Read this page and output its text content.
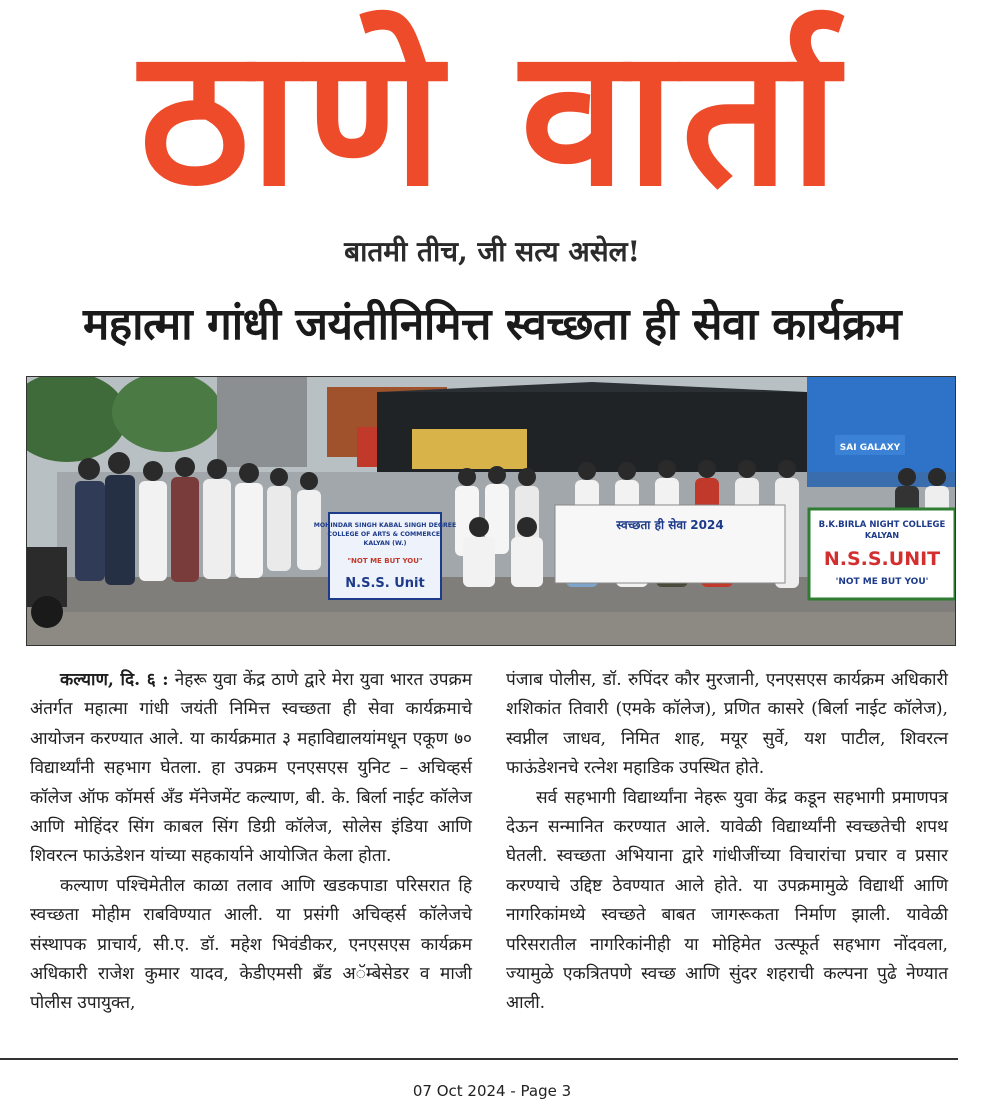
ठाणे वार्ता
बातमी तीच, जी सत्य असेल!
महात्मा गांधी जयंतीनिमित्त स्वच्छता ही सेवा कार्यक्रम
SAI GALAXY
MOHINDAR SINGH KABAL SINGH DEGREE
COLLEGE OF ARTS & COMMERCE,
KALYAN (W.)
"NOT ME BUT YOU"
N.S.S. Unit
स्वच्छता ही सेवा 2024	B.K.BIRLA NIGHT COLLEGE
KALYAN
N.S.S.UNIT
'NOT ME BUT YOU'

कल्याण, दि. ६ : नेहरू युवा केंद्र ठाणे द्वारे मेरा युवा भारत उपक्रम अंतर्गत महात्मा गांधी जयंती निमित्त स्वच्छता ही सेवा कार्यक्रमाचे आयोजन करण्यात आले. या कार्यक्रमात ३ महाविद्यालयांमधून एकूण ७० विद्यार्थ्यांनी सहभाग घेतला. हा उपक्रम एनएसएस युनिट – अचिव्हर्स कॉलेज ऑफ कॉमर्स अँड मॅनेजमेंट कल्याण, बी. के. बिर्ला नाईट कॉलेज आणि मोहिंदर सिंग काबल सिंग डिग्री कॉलेज, सोलेस इंडिया आणि शिवरत्न फाऊंडेशन यांच्या सहकार्याने आयोजित केला होता.

कल्याण पश्चिमेतील काळा तलाव आणि खडकपाडा परिसरात हि स्वच्छता मोहीम राबविण्यात आली. या प्रसंगी अचिव्हर्स कॉलेजचे संस्थापक प्राचार्य, सी.ए. डॉ. महेश भिवंडीकर, एनएसएस कार्यक्रम अधिकारी राजेश कुमार यादव, केडीएमसी ब्रँड अॅम्बेसेडर व माजी पोलीस उपायुक्त,

पंजाब पोलीस, डॉ. रुपिंदर कौर मुरजानी, एनएसएस कार्यक्रम अधिकारी शशिकांत तिवारी (एमके कॉलेज), प्रणित कासरे (बिर्ला नाईट कॉलेज), स्वप्नील जाधव, निमित शाह, मयूर सुर्वे, यश पाटील, शिवरत्न फाऊंडेशनचे रत्नेश महाडिक उपस्थित होते.

सर्व सहभागी विद्यार्थ्यांना नेहरू युवा केंद्र कडून सहभागी प्रमाणपत्र देऊन सन्मानित करण्यात आले. यावेळी विद्यार्थ्यांनी स्वच्छतेची शपथ घेतली. स्वच्छता अभियाना द्वारे गांधीजींच्या विचारांचा प्रचार व प्रसार करण्याचे उद्दिष्ट ठेवण्यात आले होते. या उपक्रमामुळे विद्यार्थी आणि नागरिकांमध्ये स्वच्छते बाबत जागरूकता निर्माण झाली. यावेळी परिसरातील नागरिकांनीही या मोहिमेत उत्स्फूर्त सहभाग नोंदवला, ज्यामुळे एकत्रितपणे स्वच्छ आणि सुंदर शहराची कल्पना पुढे नेण्यात आली.

07 Oct 2024 - Page 3
